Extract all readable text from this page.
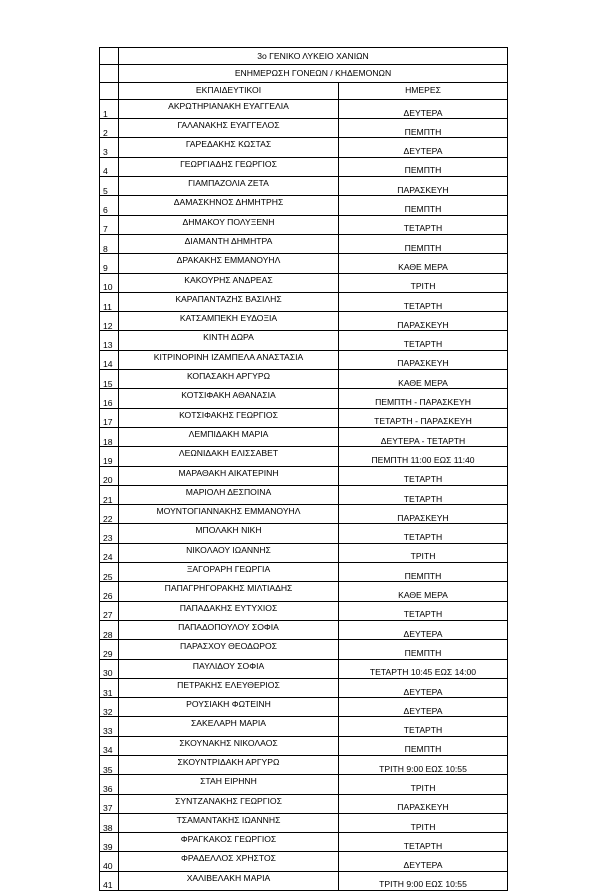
	3ο ΓΕΝΙΚΟ ΛΥΚΕΙΟ ΧΑΝΙΩΝ	
	ΕΝΗΜΕΡΩΣΗ ΓΟΝΕΩΝ / ΚΗΔΕΜΟΝΩΝ	
	ΕΚΠΑΙΔΕΥΤΙΚΟΙ	ΗΜΕΡΕΣ
1	ΑΚΡΩΤΗΡΙΑΝΑΚΗ ΕΥΑΓΓΕΛΙΑ	ΔΕΥΤΕΡΑ
2	ΓΑΛΑΝΑΚΗΣ ΕΥΑΓΓΕΛΟΣ	ΠΕΜΠΤΗ
3	ΓΑΡΕΔΑΚΗΣ ΚΩΣΤΑΣ	ΔΕΥΤΕΡΑ
4	ΓΕΩΡΓΙΑΔΗΣ ΓΕΩΡΓΙΟΣ	ΠΕΜΠΤΗ
5	ΓΙΑΜΠΑΖΟΛΙΑ ΖΕΤΑ	ΠΑΡΑΣΚΕΥΗ
6	ΔΑΜΑΣΚΗΝΟΣ ΔΗΜΗΤΡΗΣ	ΠΕΜΠΤΗ
7	ΔΗΜΑΚΟΥ ΠΟΛΥΞΕΝΗ	ΤΕΤΑΡΤΗ
8	ΔΙΑΜΑΝΤΗ ΔΗΜΗΤΡΑ	ΠΕΜΠΤΗ
9	ΔΡΑΚΑΚΗΣ ΕΜΜΑΝΟΥΗΛ	ΚΑΘΕ ΜΕΡΑ
10	ΚΑΚΟΥΡΗΣ ΑΝΔΡΕΑΣ	ΤΡΙΤΗ
11	ΚΑΡΑΠΑΝΤΑΖΗΣ ΒΑΣΙΛΗΣ	ΤΕΤΑΡΤΗ
12	ΚΑΤΣΑΜΠΕΚΗ ΕΥΔΟΞΙΑ	ΠΑΡΑΣΚΕΥΗ
13	ΚΙΝΤΗ ΔΩΡΑ	ΤΕΤΑΡΤΗ
14	ΚΙΤΡΙΝΟΡΙΝΗ ΙΖΑΜΠΕΛΑ ΑΝΑΣΤΑΣΙΑ	ΠΑΡΑΣΚΕΥΗ
15	ΚΟΠΑΣΑΚΗ ΑΡΓΥΡΩ	ΚΑΘΕ ΜΕΡΑ
16	ΚΟΤΣΙΦΑΚΗ ΑΘΑΝΑΣΙΑ	ΠΕΜΠΤΗ - ΠΑΡΑΣΚΕΥΗ
17	ΚΟΤΣΙΦΑΚΗΣ ΓΕΩΡΓΙΟΣ	ΤΕΤΑΡΤΗ - ΠΑΡΑΣΚΕΥΗ
18	ΛΕΜΠΙΔΑΚΗ ΜΑΡΙΑ	ΔΕΥΤΕΡΑ - ΤΕΤΑΡΤΗ
19	ΛΕΩΝΙΔΑΚΗ ΕΛΙΣΣΑΒΕΤ	ΠΕΜΠΤΗ 11:00 ΕΩΣ 11:40
20	ΜΑΡΑΘΑΚΗ ΑΙΚΑΤΕΡΙΝΗ	ΤΕΤΑΡΤΗ
21	ΜΑΡΙΟΛΗ ΔΕΣΠΟΙΝΑ	ΤΕΤΑΡΤΗ
22	ΜΟΥΝΤΟΓΙΑΝΝΑΚΗΣ ΕΜΜΑΝΟΥΗΛ	ΠΑΡΑΣΚΕΥΗ
23	ΜΠΟΛΑΚΗ ΝΙΚΗ	ΤΕΤΑΡΤΗ
24	ΝΙΚΟΛΑΟΥ ΙΩΑΝΝΗΣ	ΤΡΙΤΗ
25	ΞΑΓΟΡΑΡΗ ΓΕΩΡΓΙΑ	ΠΕΜΠΤΗ
26	ΠΑΠΑΓΡΗΓΟΡΑΚΗΣ ΜΙΛΤΙΑΔΗΣ	ΚΑΘΕ ΜΕΡΑ
27	ΠΑΠΑΔΑΚΗΣ ΕΥΤΥΧΙΟΣ	ΤΕΤΑΡΤΗ
28	ΠΑΠΑΔΟΠΟΥΛΟΥ ΣΟΦΙΑ	ΔΕΥΤΕΡΑ
29	ΠΑΡΑΣΧΟΥ ΘΕΟΔΩΡΟΣ	ΠΕΜΠΤΗ
30	ΠΑΥΛΙΔΟΥ ΣΟΦΙΑ	ΤΕΤΑΡΤΗ 10:45 ΕΩΣ 14:00
31	ΠΕΤΡΑΚΗΣ ΕΛΕΥΘΕΡΙΟΣ	ΔΕΥΤΕΡΑ
32	ΡΟΥΣΙΑΚΗ ΦΩΤΕΙΝΗ	ΔΕΥΤΕΡΑ
33	ΣΑΚΕΛΑΡΗ ΜΑΡΙΑ	ΤΕΤΑΡΤΗ
34	ΣΚΟΥΝΑΚΗΣ ΝΙΚΟΛΑΟΣ	ΠΕΜΠΤΗ
35	ΣΚΟΥΝΤΡΙΔΑΚΗ ΑΡΓΥΡΩ	ΤΡΙΤΗ 9:00 ΕΩΣ 10:55
36	ΣΤΑΗ ΕΙΡΗΝΗ	ΤΡΙΤΗ
37	ΣΥΝΤΖΑΝΑΚΗΣ ΓΕΩΡΓΙΟΣ	ΠΑΡΑΣΚΕΥΗ
38	ΤΣΑΜΑΝΤΑΚΗΣ ΙΩΑΝΝΗΣ	ΤΡΙΤΗ
39	ΦΡΑΓΚΑΚΟΣ ΓΕΩΡΓΙΟΣ	ΤΕΤΑΡΤΗ
40	ΦΡΑΔΕΛΛΟΣ ΧΡΗΣΤΟΣ	ΔΕΥΤΕΡΑ
41	ΧΑΛΙΒΕΛΑΚΗ ΜΑΡΙΑ	ΤΡΙΤΗ 9:00 ΕΩΣ 10:55
